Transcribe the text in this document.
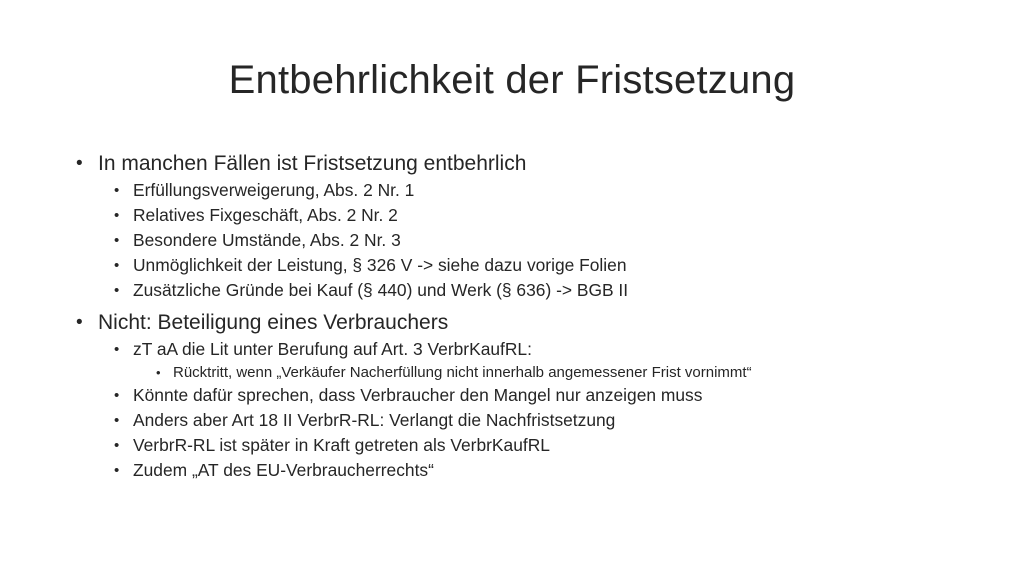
Entbehrlichkeit der Fristsetzung
• In manchen Fällen ist Fristsetzung entbehrlich
• Erfüllungsverweigerung, Abs. 2 Nr. 1
• Relatives Fixgeschäft, Abs. 2 Nr. 2
• Besondere Umstände, Abs. 2 Nr. 3
• Unmöglichkeit der Leistung, § 326 V -> siehe dazu vorige Folien
• Zusätzliche Gründe bei Kauf (§ 440) und Werk (§ 636) -> BGB II
• Nicht: Beteiligung eines Verbrauchers
• zT aA die Lit unter Berufung auf Art. 3 VerbrKaufRL:
• Rücktritt, wenn „Verkäufer Nacherfüllung nicht innerhalb angemessener Frist vornimmt“
• Könnte dafür sprechen, dass Verbraucher den Mangel nur anzeigen muss
• Anders aber Art 18 II VerbrR-RL: Verlangt die Nachfristsetzung
• VerbrR-RL ist später in Kraft getreten als VerbrKaufRL
• Zudem „AT des EU-Verbraucherrechts“
